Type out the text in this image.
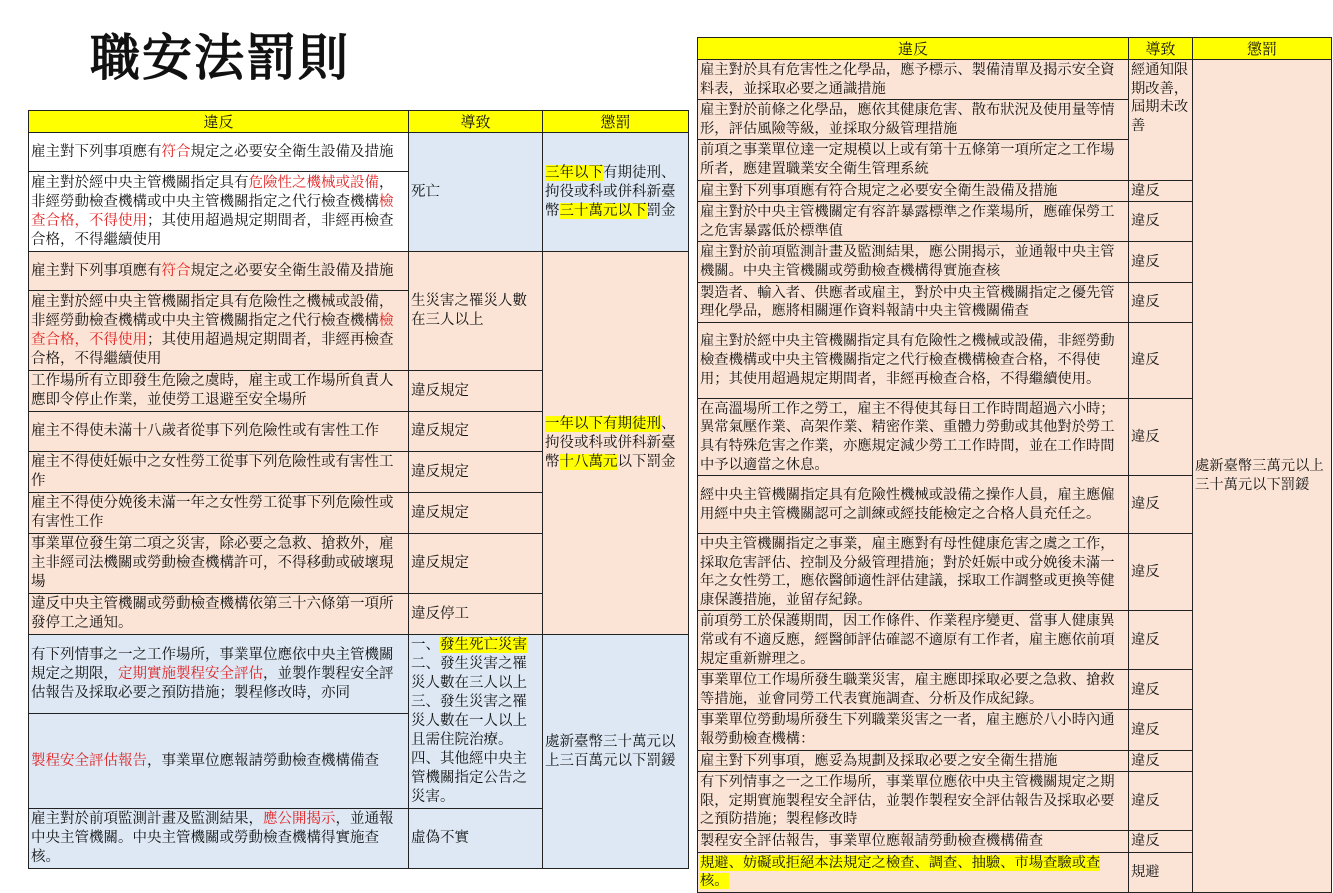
職安法罰則
違反	導致	懲罰
雇主對下列事項應有符合規定之必要安全衛生設備及措施	死亡	三年以下有期徒刑、拘役或科或併科新臺幣三十萬元以下罰金
雇主對於經中央主管機關指定具有危險性之機械或設備，非經勞動檢查機構或中央主管機關指定之代行檢查機構檢查合格，不得使用；其使用超過規定期間者，非經再檢查合格，不得繼續使用		
雇主對下列事項應有符合規定之必要安全衛生設備及措施	生災害之罹災人數在三人以上	一年以下有期徒刑、拘役或科或併科新臺幣十八萬元以下罰金
雇主對於經中央主管機關指定具有危險性之機械或設備，非經勞動檢查機構或中央主管機關指定之代行檢查機構檢查合格，不得使用；其使用超過規定期間者，非經再檢查合格，不得繼續使用		
工作場所有立即發生危險之虞時，雇主或工作場所負責人應即令停止作業，並使勞工退避至安全場所	違反規定	
雇主不得使未滿十八歲者從事下列危險性或有害性工作	違反規定	
雇主不得使妊娠中之女性勞工從事下列危險性或有害性工作	違反規定	
雇主不得使分娩後未滿一年之女性勞工從事下列危險性或有害性工作	違反規定	
事業單位發生第二項之災害，除必要之急救、搶救外，雇主非經司法機關或勞動檢查機構許可，不得移動或破壞現場	違反規定	
違反中央主管機關或勞動檢查機構依第三十六條第一項所發停工之通知。	違反停工	
有下列情事之一之工作場所，事業單位應依中央主管機關規定之期限，定期實施製程安全評估，並製作製程安全評估報告及採取必要之預防措施；製程修改時，亦同	一、發生死亡災害二、發生災害之罹災人數在三人以上三、發生災害之罹災人數在一人以上且需住院治療。四、其他經中央主管機關指定公告之災害。	處新臺幣三十萬元以上三百萬元以下罰鍰
製程安全評估報告，事業單位應報請勞動檢查機構備查		
雇主對於前項監測計畫及監測結果，應公開揭示，並通報中央主管機關。中央主管機關或勞動檢查機構得實施查核。	虛偽不實	
違反	導致	懲罰
雇主對於具有危害性之化學品，應予標示、製備清單及揭示安全資料表，並採取必要之通識措施	經通知限期改善，屆期未改善	處新臺幣三萬元以上三十萬元以下罰鍰
雇主對於前條之化學品，應依其健康危害、散布狀況及使用量等情形，評估風險等級，並採取分級管理措施		
前項之事業單位達一定規模以上或有第十五條第一項所定之工作場所者，應建置職業安全衛生管理系統		
雇主對下列事項應有符合規定之必要安全衛生設備及措施	違反	
雇主對於中央主管機關定有容許暴露標準之作業場所，應確保勞工之危害暴露低於標準值	違反	
雇主對於前項監測計畫及監測結果，應公開揭示，並通報中央主管機關。中央主管機關或勞動檢查機構得實施查核	違反	
製造者、輸入者、供應者或雇主，對於中央主管機關指定之優先管理化學品，應將相關運作資料報請中央主管機關備查	違反	
雇主對於經中央主管機關指定具有危險性之機械或設備，非經勞動檢查機構或中央主管機關指定之代行檢查機構檢查合格，不得使用；其使用超過規定期間者，非經再檢查合格，不得繼續使用。	違反	
在高溫場所工作之勞工，雇主不得使其每日工作時間超過六小時；異常氣壓作業、高架作業、精密作業、重體力勞動或其他對於勞工具有特殊危害之作業，亦應規定減少勞工工作時間，並在工作時間中予以適當之休息。	違反	
經中央主管機關指定具有危險性機械或設備之操作人員，雇主應僱用經中央主管機關認可之訓練或經技能檢定之合格人員充任之。	違反	
中央主管機關指定之事業，雇主應對有母性健康危害之虞之工作，採取危害評估、控制及分級管理措施；對於妊娠中或分娩後未滿一年之女性勞工，應依醫師適性評估建議，採取工作調整或更換等健康保護措施，並留存紀錄。	違反	
前項勞工於保護期間，因工作條件、作業程序變更、當事人健康異常或有不適反應，經醫師評估確認不適原有工作者，雇主應依前項規定重新辦理之。	違反	
事業單位工作場所發生職業災害，雇主應即採取必要之急救、搶救等措施，並會同勞工代表實施調查、分析及作成紀錄。	違反	
事業單位勞動場所發生下列職業災害之一者，雇主應於八小時內通報勞動檢查機構：	違反	
雇主對下列事項，應妥為規劃及採取必要之安全衛生措施	違反	
有下列情事之一之工作場所，事業單位應依中央主管機關規定之期限，定期實施製程安全評估，並製作製程安全評估報告及採取必要之預防措施；製程修改時	違反	
製程安全評估報告，事業單位應報請勞動檢查機構備查	違反	
規避、妨礙或拒絕本法規定之檢查、調查、抽驗、市場查驗或查核。	規避	
